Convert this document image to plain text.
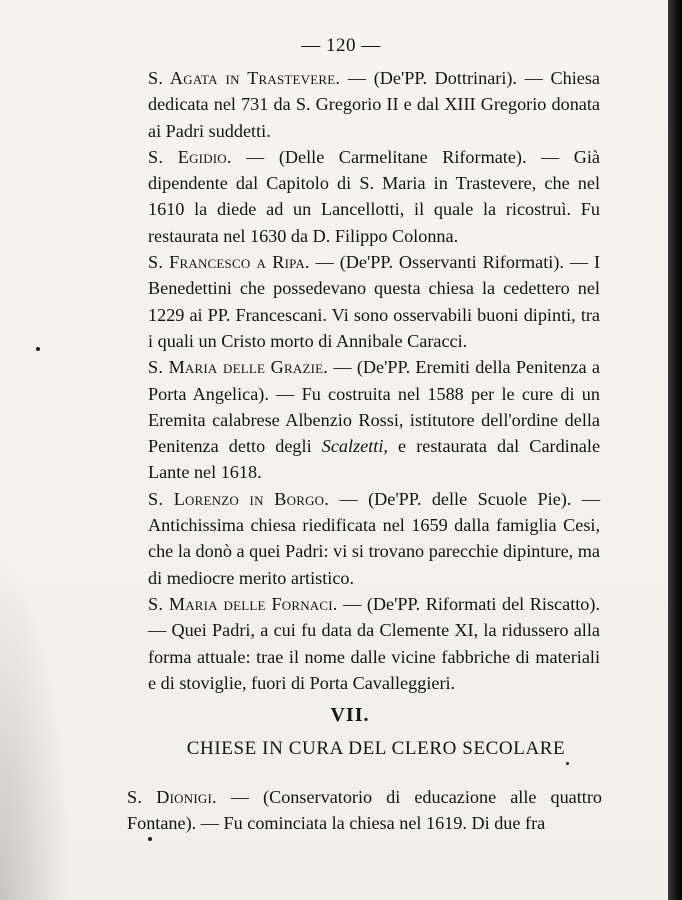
— 120 —

S. Agata in Trastevere. — (De'PP. Dottrinari). — Chiesa dedicata nel 731 da S. Gregorio II e dal XIII Gregorio donata ai Padri suddetti.

S. Egidio. — (Delle Carmelitane Riformate). — Già dipendente dal Capitolo di S. Maria in Trastevere, che nel 1610 la diede ad un Lancellotti, il quale la ricostruì. Fu restaurata nel 1630 da D. Filippo Colonna.

S. Francesco a Ripa. — (De'PP. Osservanti Riformati). — I Benedettini che possedevano questa chiesa la cedettero nel 1229 ai PP. Francescani. Vi sono osservabili buoni dipinti, tra i quali un Cristo morto di Annibale Caracci.

S. Maria delle Grazie. — (De'PP. Eremiti della Penitenza a Porta Angelica). — Fu costruita nel 1588 per le cure di un Eremita calabrese Albenzio Rossi, istitutore dell'ordine della Penitenza detto degli Scalzetti, e restaurata dal Cardinale Lante nel 1618.

S. Lorenzo in Borgo. — (De'PP. delle Scuole Pie). — Antichissima chiesa riedificata nel 1659 dalla famiglia Cesi, che la donò a quei Padri: vi si trovano parecchie dipinture, ma di mediocre merito artistico.

S. Maria delle Fornaci. — (De'PP. Riformati del Riscatto). — Quei Padri, a cui fu data da Clemente XI, la ridussero alla forma attuale: trae il nome dalle vicine fabbriche di materiali e di stoviglie, fuori di Porta Cavalleggieri.

VII.
CHIESE IN CURA DEL CLERO SECOLARE

S. Dionigi. — (Conservatorio di educazione alle quattro Fontane). — Fu cominciata la chiesa nel 1619. Di due fra
